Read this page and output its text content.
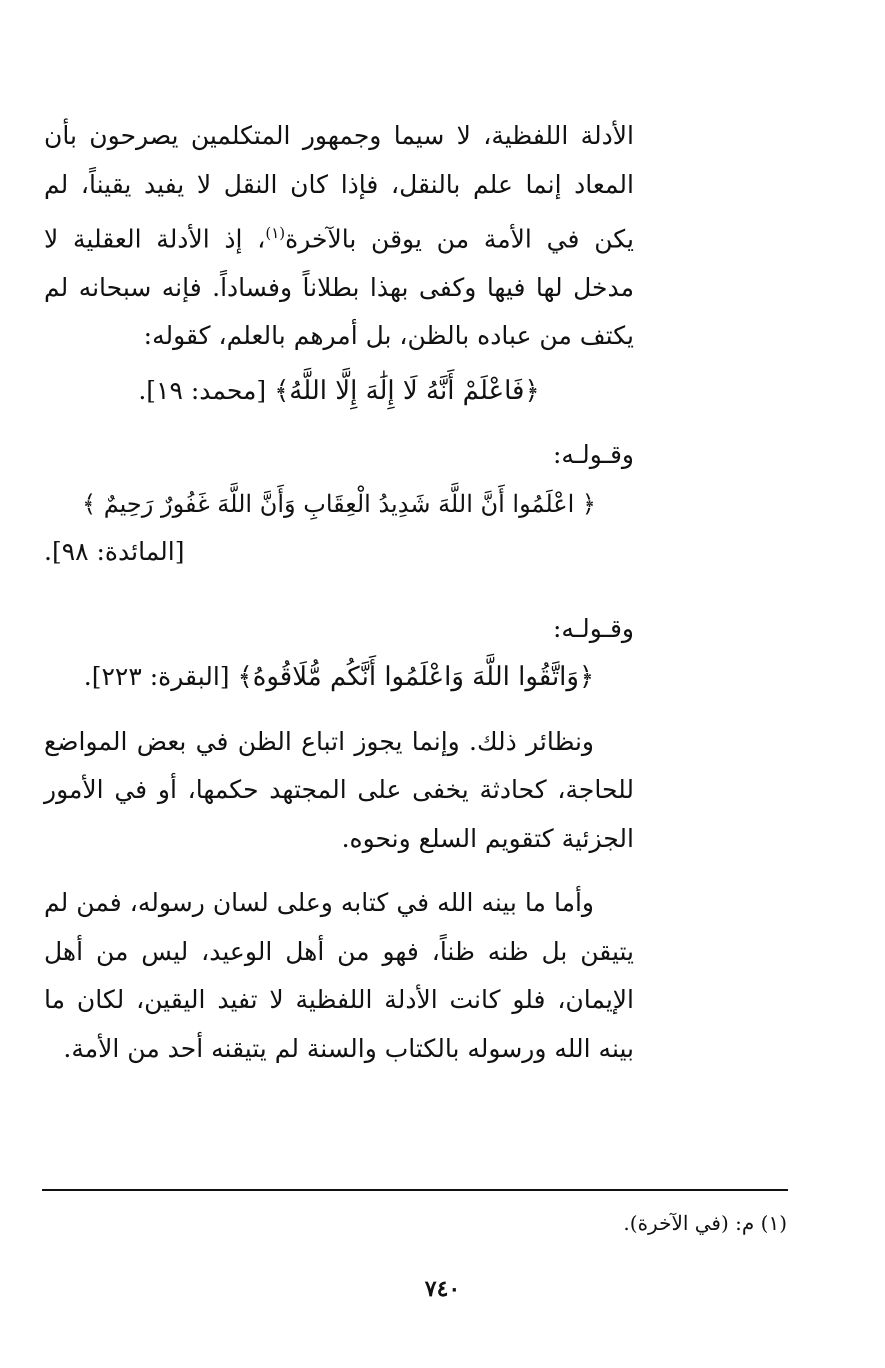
الأدلة اللفظية، لا سيما وجمهور المتكلمين يصرحون بأن المعاد إنما علم بالنقل، فإذا كان النقل لا يفيد يقيناً، لم يكن في الأمة من يوقن بالآخرة$^{(١)}$، إذ الأدلة العقلية لا مدخل لها فيها وكفى بهذا بطلاناً وفساداً. فإنه سبحانه لم يكتف من عباده بالظن، بل أمرهم بالعلم، كقوله:

﴿فَاعْلَمْ أَنَّهُ لَا إِلَٰهَ إِلَّا اللَّهُ﴾ [محمد: ١٩].

وقـولـه:

﴿ اعْلَمُوا أَنَّ اللَّهَ شَدِيدُ الْعِقَابِ وَأَنَّ اللَّهَ غَفُورٌ رَحِيمٌ ﴾

[المائدة: ٩٨].

وقـولـه:

﴿وَاتَّقُوا اللَّهَ وَاعْلَمُوا أَنَّكُم مُّلَاقُوهُ﴾ [البقرة: ٢٢٣].

ونظائر ذلك. وإنما يجوز اتباع الظن في بعض المواضع للحاجة، كحادثة يخفى على المجتهد حكمها، أو في الأمور الجزئية كتقويم السلع ونحوه.

وأما ما بينه الله في كتابه وعلى لسان رسوله، فمن لم يتيقن بل ظنه ظناً، فهو من أهل الوعيد، ليس من أهل الإيمان، فلو كانت الأدلة اللفظية لا تفيد اليقين، لكان ما بينه الله ورسوله بالكتاب والسنة لم يتيقنه أحد من الأمة.

(١) م: (في الآخرة).
٧٤٠
